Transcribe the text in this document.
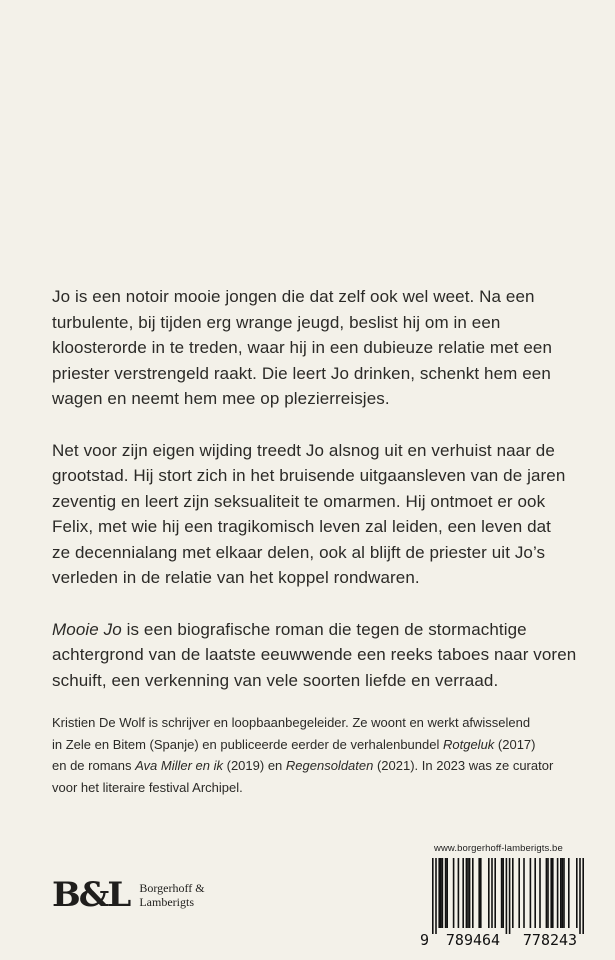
Jo is een notoir mooie jongen die dat zelf ook wel weet. Na een

turbulente, bij tijden erg wrange jeugd, beslist hij om in een

kloosterorde in te treden, waar hij in een dubieuze relatie met een

priester verstrengeld raakt. Die leert Jo drinken, schenkt hem een

wagen en neemt hem mee op plezierreisjes.

Net voor zijn eigen wijding treedt Jo alsnog uit en verhuist naar de

grootstad. Hij stort zich in het bruisende uitgaansleven van de jaren

zeventig en leert zijn seksualiteit te omarmen. Hij ontmoet er ook

Felix, met wie hij een tragikomisch leven zal leiden, een leven dat

ze decennialang met elkaar delen, ook al blijft de priester uit Jo’s

verleden in de relatie van het koppel rondwaren.

Mooie Jo is een biografische roman die tegen de stormachtige

achtergrond van de laatste eeuwwende een reeks taboes naar voren

schuift, een verkenning van vele soorten liefde en verraad.

Kristien De Wolf is schrijver en loopbaanbegeleider. Ze woont en werkt afwisselend

in Zele en Bitem (Spanje) en publiceerde eerder de verhalenbundel Rotgeluk (2017)

en de romans Ava Miller en ik (2019) en Regensoldaten (2021). In 2023 was ze curator

voor het literaire festival Archipel.

B&L Borgerhoff &
Lamberigts
www.borgerhoff-lamberigts.be
9	789464	778243
